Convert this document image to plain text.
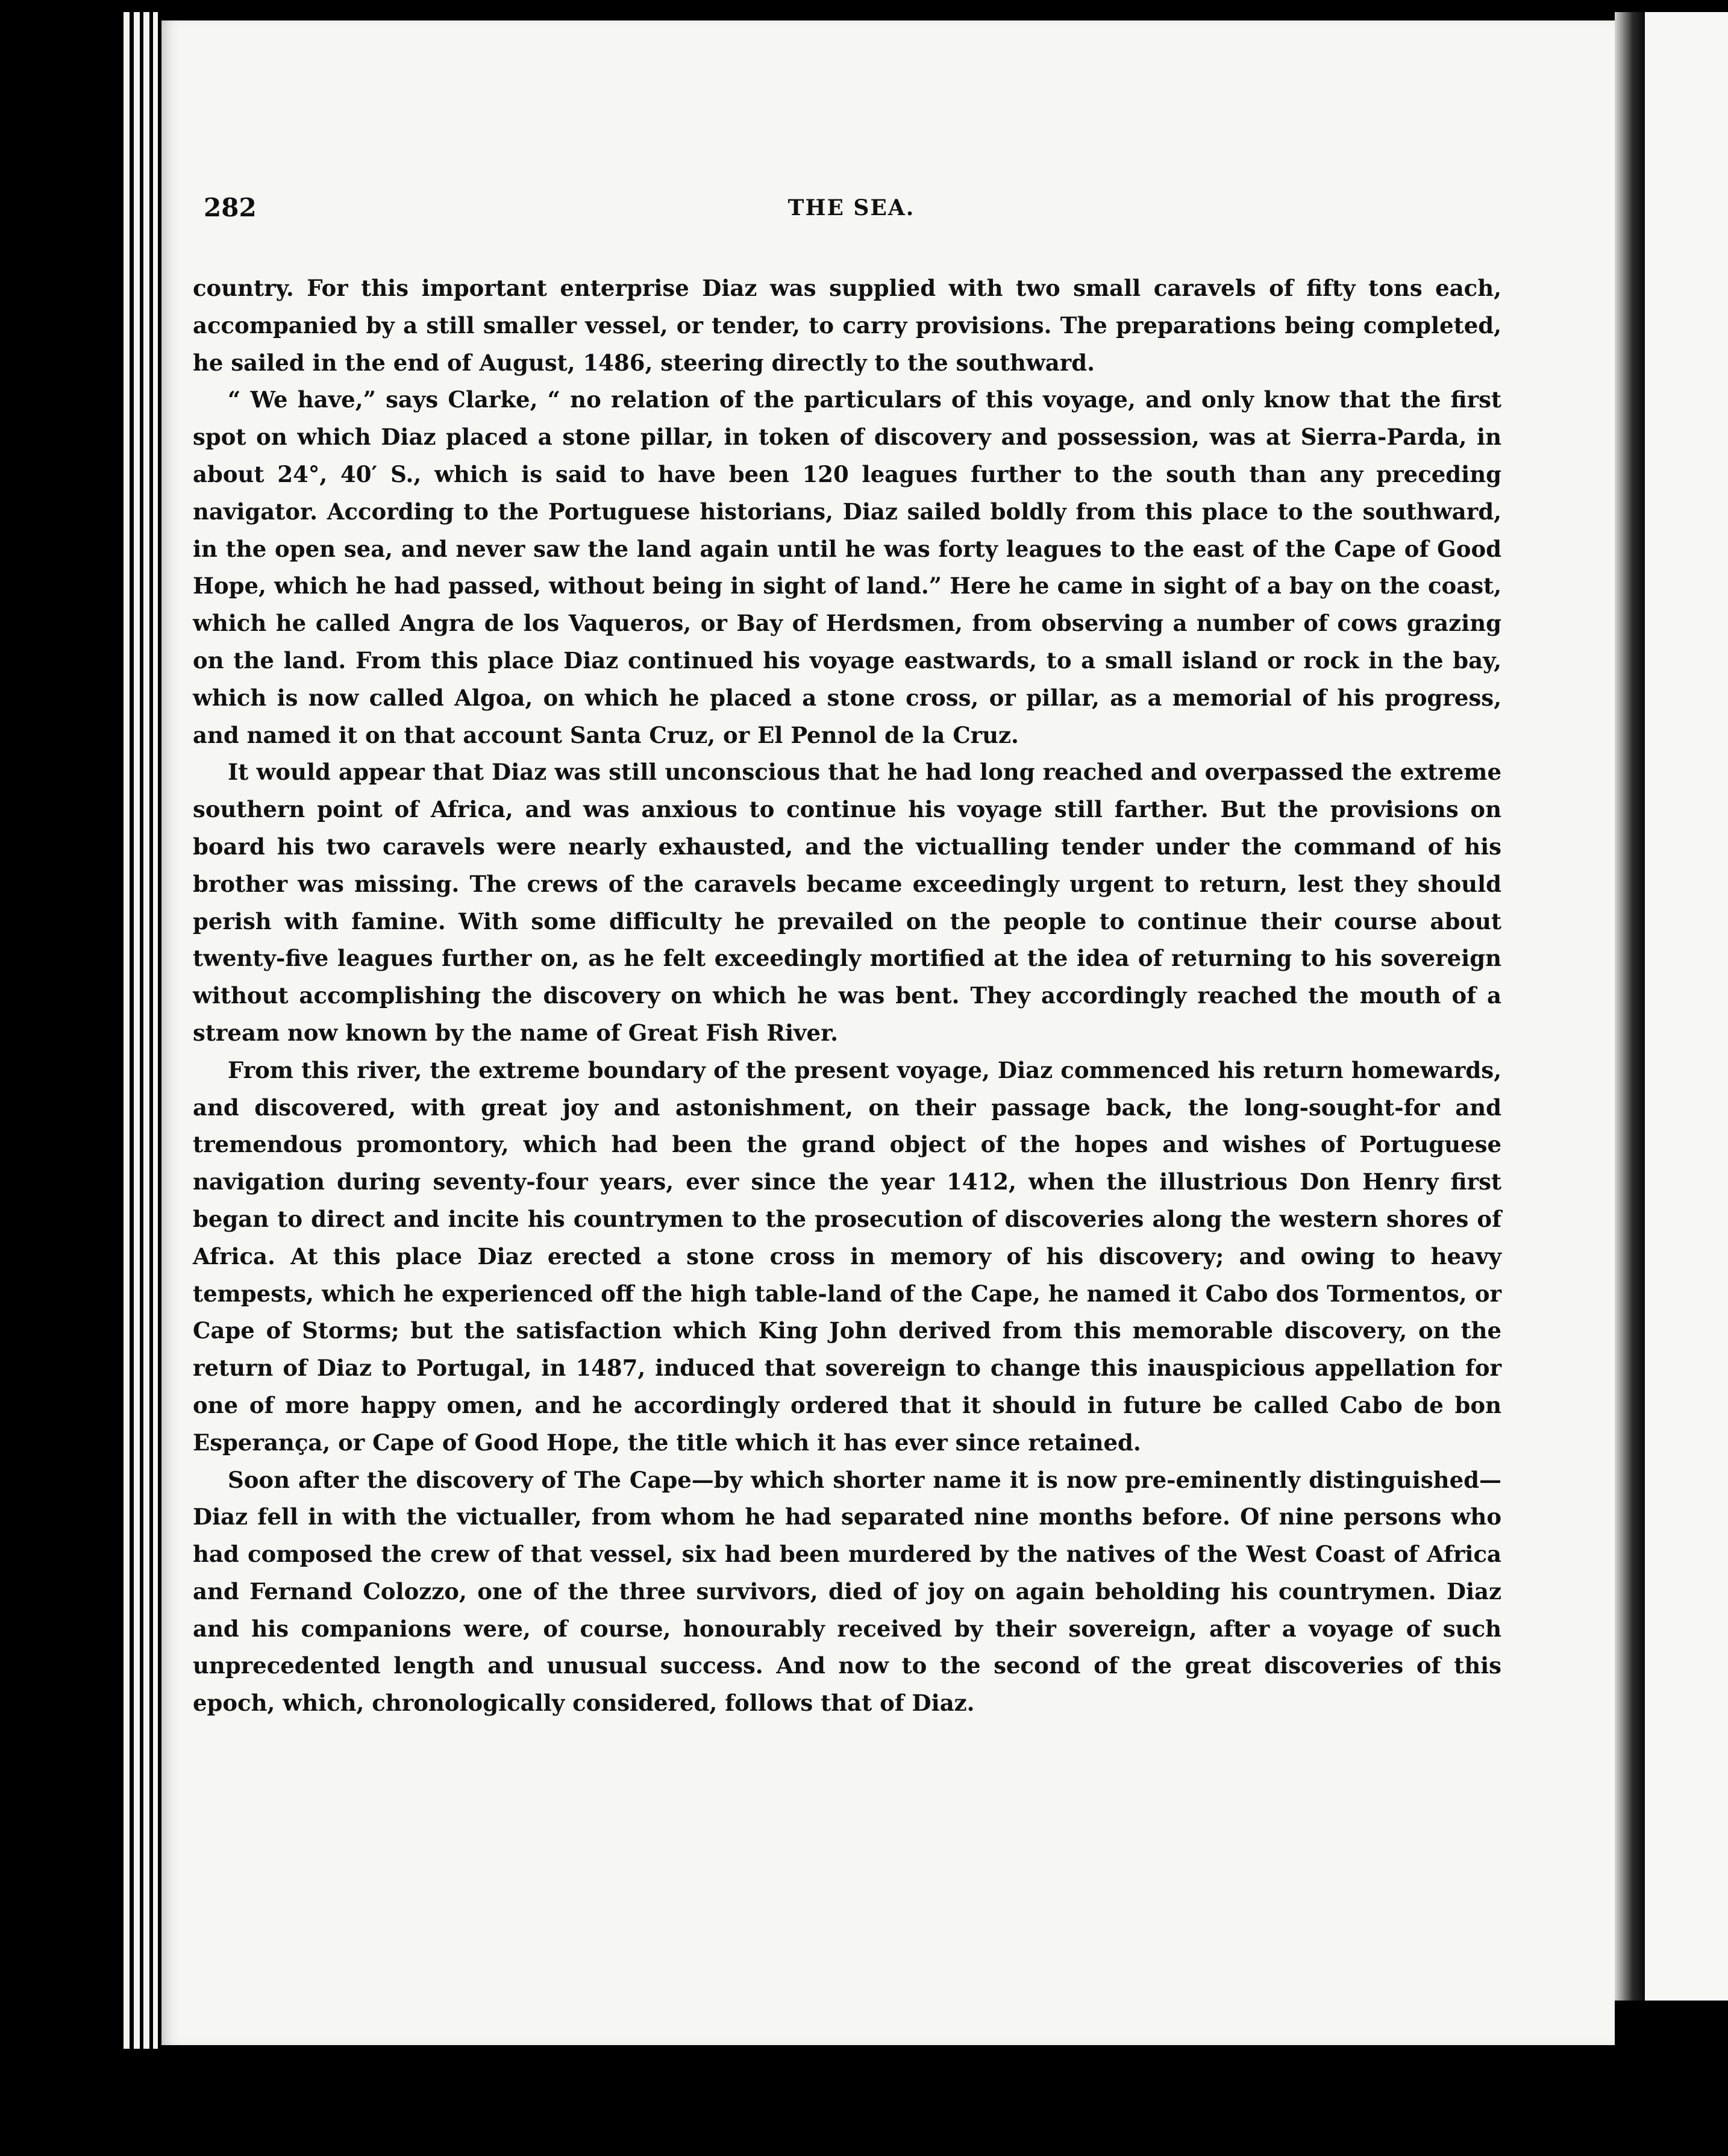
282	THE SEA.

country. For this important enterprise Diaz was supplied with two small caravels of fifty tons each, accompanied by a still smaller vessel, or tender, to carry provisions. The preparations being completed, he sailed in the end of August, 1486, steering directly to the southward.

“ We have,” says Clarke, “ no relation of the particulars of this voyage, and only know that the first spot on which Diaz placed a stone pillar, in token of discovery and possession, was at Sierra-Parda, in about 24°, 40′ S., which is said to have been 120 leagues further to the south than any preceding navigator. According to the Portuguese historians, Diaz sailed boldly from this place to the southward, in the open sea, and never saw the land again until he was forty leagues to the east of the Cape of Good Hope, which he had passed, without being in sight of land.” Here he came in sight of a bay on the coast, which he called Angra de los Vaqueros, or Bay of Herdsmen, from observing a number of cows grazing on the land. From this place Diaz continued his voyage eastwards, to a small island or rock in the bay, which is now called Algoa, on which he placed a stone cross, or pillar, as a memorial of his progress, and named it on that account Santa Cruz, or El Pennol de la Cruz.

It would appear that Diaz was still unconscious that he had long reached and overpassed the extreme southern point of Africa, and was anxious to continue his voyage still farther. But the provisions on board his two caravels were nearly exhausted, and the victualling tender under the command of his brother was missing. The crews of the caravels became exceedingly urgent to return, lest they should perish with famine. With some difficulty he prevailed on the people to continue their course about twenty-five leagues further on, as he felt exceedingly mortified at the idea of returning to his sovereign without accomplishing the discovery on which he was bent. They accordingly reached the mouth of a stream now known by the name of Great Fish River.

From this river, the extreme boundary of the present voyage, Diaz commenced his return homewards, and discovered, with great joy and astonishment, on their passage back, the long-sought-for and tremendous promontory, which had been the grand object of the hopes and wishes of Portuguese navigation during seventy-four years, ever since the year 1412, when the illustrious Don Henry first began to direct and incite his countrymen to the prosecution of discoveries along the western shores of Africa. At this place Diaz erected a stone cross in memory of his discovery; and owing to heavy tempests, which he experienced off the high table-land of the Cape, he named it Cabo dos Tormentos, or Cape of Storms; but the satisfaction which King John derived from this memorable discovery, on the return of Diaz to Portugal, in 1487, induced that sovereign to change this inauspicious appellation for one of more happy omen, and he accordingly ordered that it should in future be called Cabo de bon Esperança, or Cape of Good Hope, the title which it has ever since retained.

Soon after the discovery of The Cape—by which shorter name it is now pre-eminently distinguished—Diaz fell in with the victualler, from whom he had separated nine months before. Of nine persons who had composed the crew of that vessel, six had been murdered by the natives of the West Coast of Africa and Fernand Colozzo, one of the three survivors, died of joy on again beholding his countrymen. Diaz and his companions were, of course, honourably received by their sovereign, after a voyage of such unprecedented length and unusual success. And now to the second of the great discoveries of this epoch, which, chronologically considered, follows that of Diaz.
